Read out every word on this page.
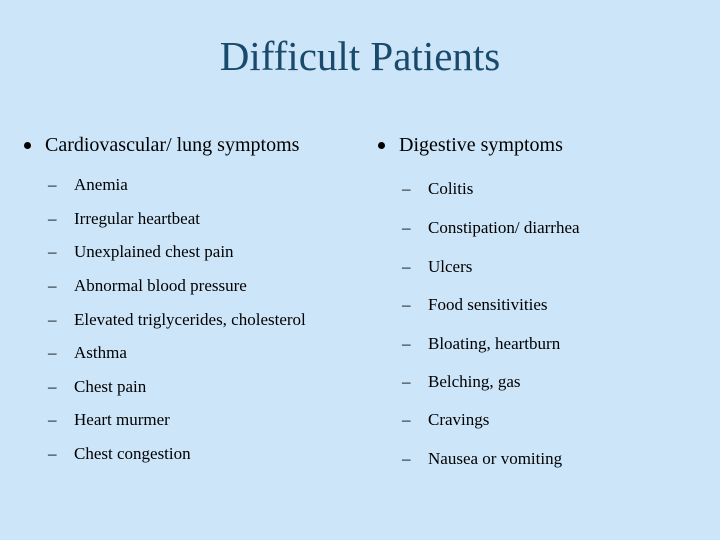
Difficult Patients
Cardiovascular/ lung symptoms
– Anemia
– Irregular heartbeat
– Unexplained chest pain
– Abnormal blood pressure
– Elevated triglycerides, cholesterol
– Asthma
– Chest pain
– Heart murmer
– Chest congestion
Digestive symptoms
– Colitis
– Constipation/ diarrhea
– Ulcers
– Food sensitivities
– Bloating, heartburn
– Belching, gas
– Cravings
– Nausea or vomiting
